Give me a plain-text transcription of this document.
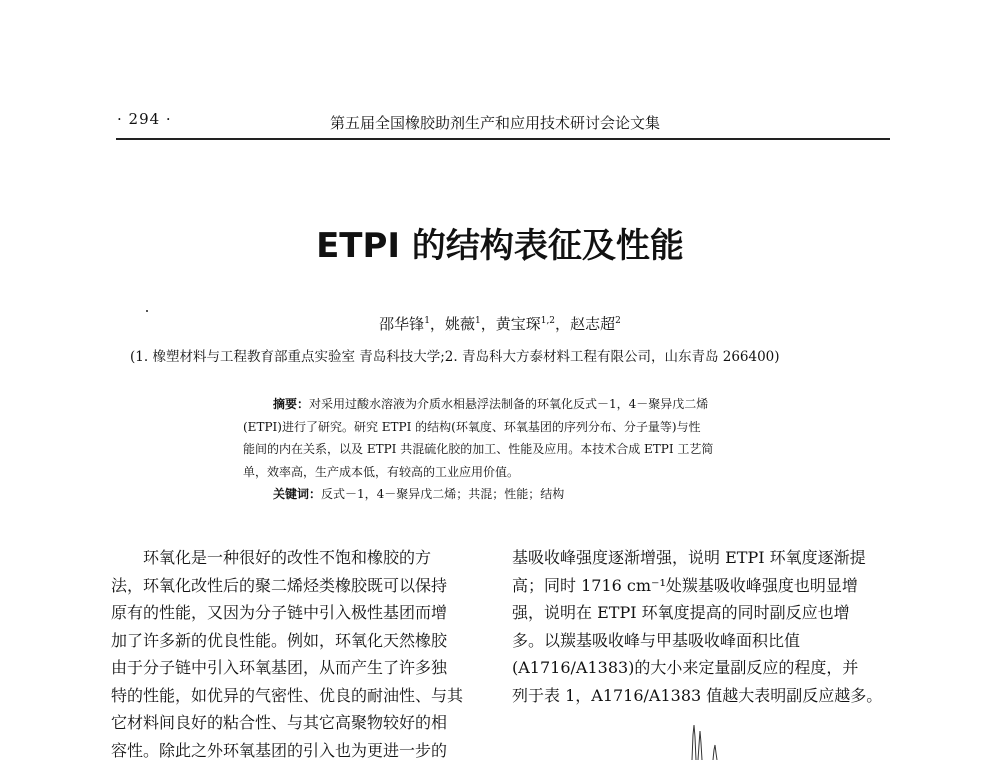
· 294 ·	第五届全国橡胶助剂生产和应用技术研讨会论文集
ETPI 的结构表征及性能
邵华锋$^1$，姚薇$^1$，黄宝琛$^{1,2}$，赵志超$^2$
(1. 橡塑材料与工程教育部重点实验室 青岛科技大学;2. 青岛科大方泰材料工程有限公司，山东青岛 266400)
摘要：对采用过酸水溶液为介质水相悬浮法制备的环氧化反式－1，4－聚异戊二烯
(ETPI)进行了研究。研究 ETPI 的结构(环氧度、环氧基团的序列分布、分子量等)与性
能间的内在关系，以及 ETPI 共混硫化胶的加工、性能及应用。本技术合成 ETPI 工艺简
单，效率高，生产成本低，有较高的工业应用价值。
关键词：反式－1，4－聚异戊二烯；共混；性能；结构
环氧化是一种很好的改性不饱和橡胶的方
法，环氧化改性后的聚二烯烃类橡胶既可以保持
原有的性能，又因为分子链中引入极性基团而增
加了许多新的优良性能。例如，环氧化天然橡胶
由于分子链中引入环氧基团，从而产生了许多独
特的性能，如优异的气密性、优良的耐油性、与其
它材料间良好的粘合性、与其它高聚物较好的相
容性。除此之外环氧基团的引入也为更进一步的
基吸收峰强度逐渐增强，说明 ETPI 环氧度逐渐提
高；同时 1716 cm⁻¹处羰基吸收峰强度也明显增
强，说明在 ETPI 环氧度提高的同时副反应也增
多。以羰基吸收峰与甲基吸收峰面积比值
(A1716/A1383)的大小来定量副反应的程度，并
列于表 1，A1716/A1383 值越大表明副反应越多。
